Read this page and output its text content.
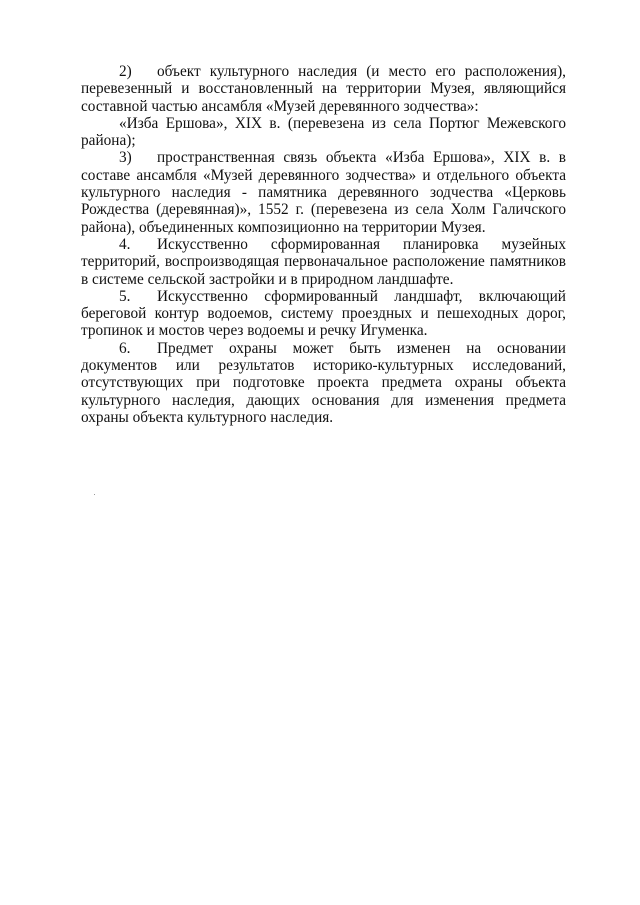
2) объект культурного наследия (и место его расположения), перевезенный и восстановленный на территории Музея, являющийся составной частью ансамбля «Музей деревянного зодчества»:

«Изба Ершова», XIX в. (перевезена из села Портюг Межевского района);

3) пространственная связь объекта «Изба Ершова», XIX в. в составе ансамбля «Музей деревянного зодчества» и отдельного объекта культурного наследия - памятника деревянного зодчества «Церковь Рождества (деревянная)», 1552 г. (перевезена из села Холм Галичского района), объединенных композиционно на территории Музея.

4. Искусственно сформированная планировка музейных территорий, воспроизводящая первоначальное расположение памятников в системе сельской застройки и в природном ландшафте.

5. Искусственно сформированный ландшафт, включающий береговой контур водоемов, систему проездных и пешеходных дорог, тропинок и мостов через водоемы и речку Игуменка.

6. Предмет охраны может быть изменен на основании документов или результатов историко-культурных исследований, отсутствующих при подготовке проекта предмета охраны объекта культурного наследия, дающих основания для изменения предмета охраны объекта культурного наследия.
